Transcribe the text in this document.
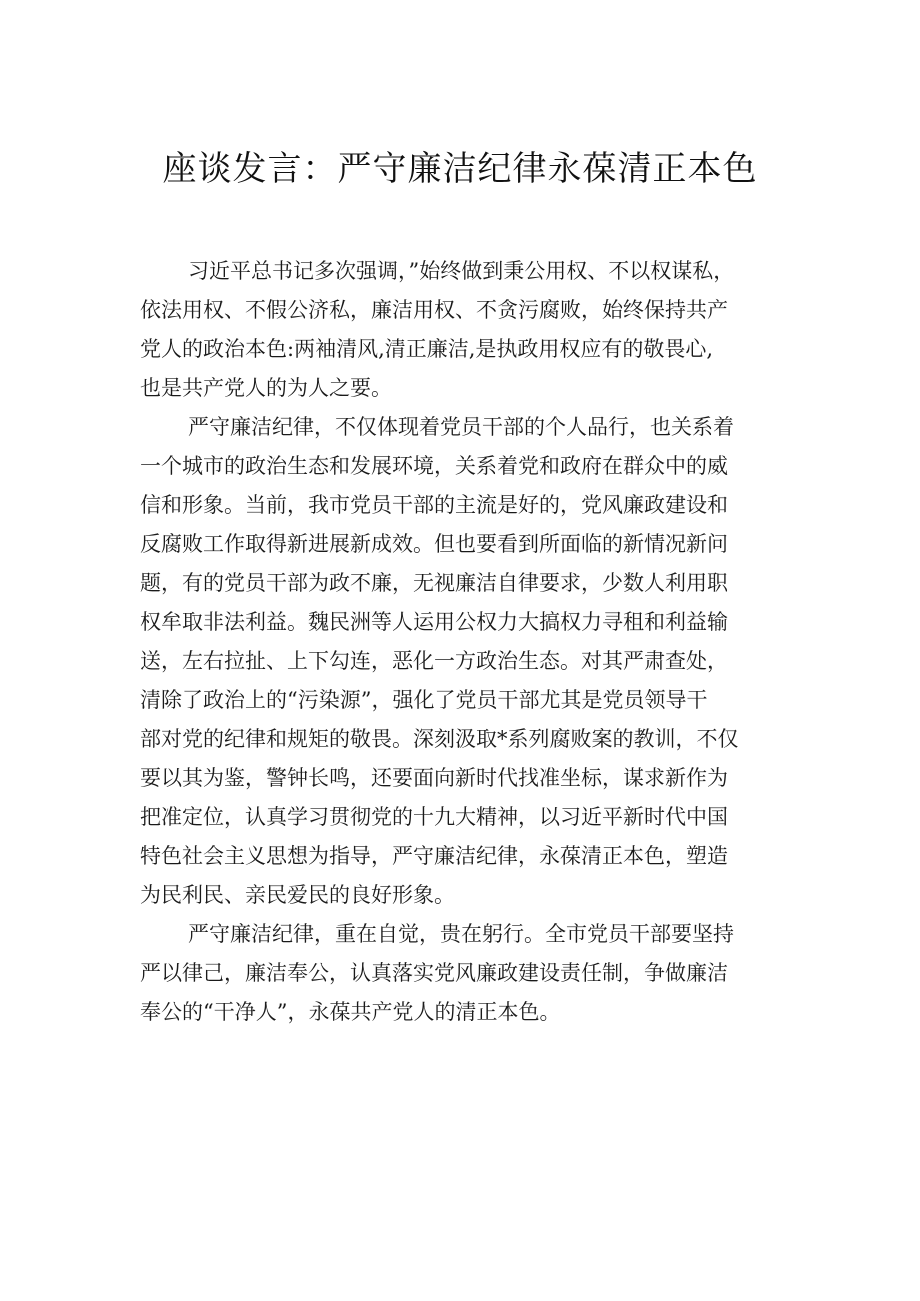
座谈发言：严守廉洁纪律永葆清正本色
习近平总书记多次强调，”始终做到秉公用权、不以权谋私，
依法用权、不假公济私，廉洁用权、不贪污腐败，始终保持共产
党人的政治本色:两袖清风,清正廉洁,是执政用权应有的敬畏心,
也是共产党人的为人之要。
严守廉洁纪律，不仅体现着党员干部的个人品行，也关系着
一个城市的政治生态和发展环境，关系着党和政府在群众中的威
信和形象。当前，我市党员干部的主流是好的，党风廉政建设和
反腐败工作取得新进展新成效。但也要看到所面临的新情况新问
题，有的党员干部为政不廉，无视廉洁自律要求，少数人利用职
权牟取非法利益。魏民洲等人运用公权力大搞权力寻租和利益输
送，左右拉扯、上下勾连，恶化一方政治生态。对其严肃查处，
清除了政治上的“污染源”，强化了党员干部尤其是党员领导干
部对党的纪律和规矩的敬畏。深刻汲取*系列腐败案的教训，不仅
要以其为鉴，警钟长鸣，还要面向新时代找准坐标，谋求新作为
把准定位，认真学习贯彻党的十九大精神，以习近平新时代中国
特色社会主义思想为指导，严守廉洁纪律，永葆清正本色，塑造
为民利民、亲民爱民的良好形象。
严守廉洁纪律，重在自觉，贵在躬行。全市党员干部要坚持
严以律己，廉洁奉公，认真落实党风廉政建设责任制，争做廉洁
奉公的“干净人”，永葆共产党人的清正本色。
